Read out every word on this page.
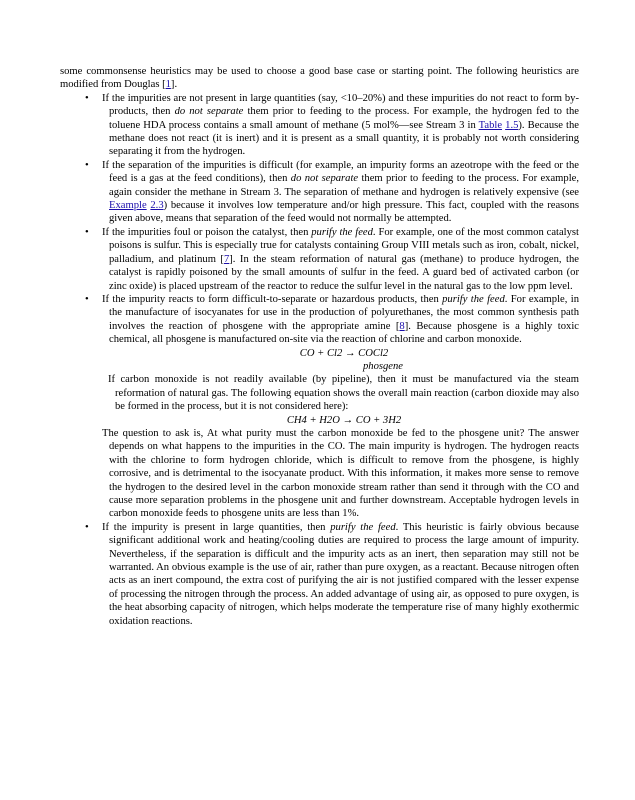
some commonsense heuristics may be used to choose a good base case or starting point. The following heuristics are modified from Douglas [1].

• If the impurities are not present in large quantities (say, <10–20%) and these impurities do not react to form by-products, then do not separate them prior to feeding to the process. For example, the hydrogen fed to the toluene HDA process contains a small amount of methane (5 mol%—see Stream 3 in Table 1.5). Because the methane does not react (it is inert) and it is present as a small quantity, it is probably not worth considering separating it from the hydrogen.
• If the separation of the impurities is difficult (for example, an impurity forms an azeotrope with the feed or the feed is a gas at the feed conditions), then do not separate them prior to feeding to the process. For example, again consider the methane in Stream 3. The separation of methane and hydrogen is relatively expensive (see Example 2.3) because it involves low temperature and/or high pressure. This fact, coupled with the reasons given above, means that separation of the feed would not normally be attempted.
• If the impurities foul or poison the catalyst, then purify the feed. For example, one of the most common catalyst poisons is sulfur. This is especially true for catalysts containing Group VIII metals such as iron, cobalt, nickel, palladium, and platinum [7]. In the steam reformation of natural gas (methane) to produce hydrogen, the catalyst is rapidly poisoned by the small amounts of sulfur in the feed. A guard bed of activated carbon (or zinc oxide) is placed upstream of the reactor to reduce the sulfur level in the natural gas to the low ppm level.
• If the impurity reacts to form difficult-to-separate or hazardous products, then purify the feed. For example, in the manufacture of isocyanates for use in the production of polyurethanes, the most common synthesis path involves the reaction of phosgene with the appropriate amine [8]. Because phosgene is a highly toxic chemical, all phosgene is manufactured on-site via the reaction of chlorine and carbon monoxide.
CO + Cl2 → COCl2
phosgene
If carbon monoxide is not readily available (by pipeline), then it must be manufactured via the steam reformation of natural gas. The following equation shows the overall main reaction (carbon dioxide may also be formed in the process, but it is not considered here):
CH4 + H2O → CO + 3H2
The question to ask is, At what purity must the carbon monoxide be fed to the phosgene unit? The answer depends on what happens to the impurities in the CO. The main impurity is hydrogen. The hydrogen reacts with the chlorine to form hydrogen chloride, which is difficult to remove from the phosgene, is highly corrosive, and is detrimental to the isocyanate product. With this information, it makes more sense to remove the hydrogen to the desired level in the carbon monoxide stream rather than send it through with the CO and cause more separation problems in the phosgene unit and further downstream. Acceptable hydrogen levels in carbon monoxide feeds to phosgene units are less than 1%.
• If the impurity is present in large quantities, then purify the feed. This heuristic is fairly obvious because significant additional work and heating/cooling duties are required to process the large amount of impurity. Nevertheless, if the separation is difficult and the impurity acts as an inert, then separation may still not be warranted. An obvious example is the use of air, rather than pure oxygen, as a reactant. Because nitrogen often acts as an inert compound, the extra cost of purifying the air is not justified compared with the lesser expense of processing the nitrogen through the process. An added advantage of using air, as opposed to pure oxygen, is the heat absorbing capacity of nitrogen, which helps moderate the temperature rise of many highly exothermic oxidation reactions.
